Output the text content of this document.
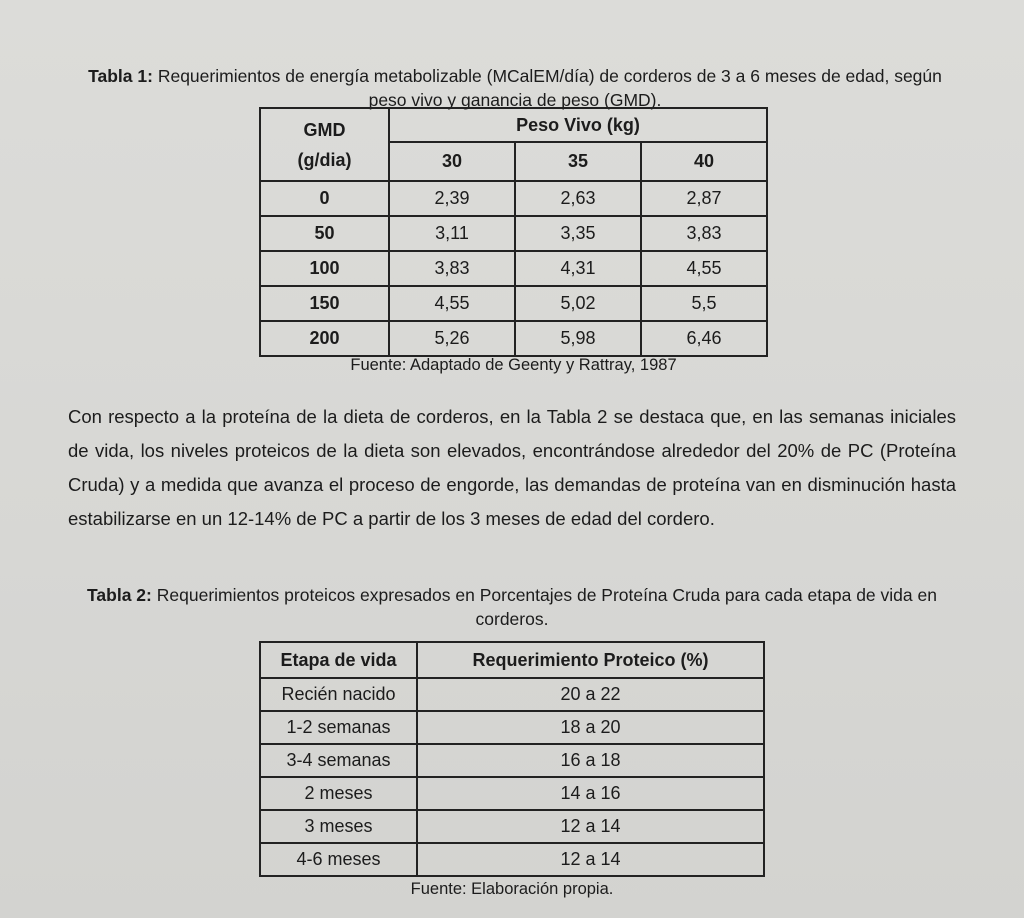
Tabla 1: Requerimientos de energía metabolizable (MCalEM/día) de corderos de 3 a 6 meses de edad, según peso vivo y ganancia de peso (GMD).
GMD
(g/dia)	Peso Vivo (kg)		
	30	35	40
0	2,39	2,63	2,87
50	3,11	3,35	3,83
100	3,83	4,31	4,55
150	4,55	5,02	5,5
200	5,26	5,98	6,46
Fuente: Adaptado de Geenty y Rattray, 1987
Con respecto a la proteína de la dieta de corderos, en la Tabla 2 se destaca que, en las semanas iniciales de vida, los niveles proteicos de la dieta son elevados, encontrándose alrededor del 20% de PC (Proteína Cruda) y a medida que avanza el proceso de engorde, las demandas de proteína van en disminución hasta estabilizarse en un 12-14% de PC a partir de los 3 meses de edad del cordero.
Tabla 2: Requerimientos proteicos expresados en Porcentajes de Proteína Cruda para cada etapa de vida en corderos.
Etapa de vida	Requerimiento Proteico (%)
Recién nacido	20 a 22
1-2 semanas	18 a 20
3-4 semanas	16 a 18
2 meses	14 a 16
3 meses	12 a 14
4-6 meses	12 a 14
Fuente: Elaboración propia.
